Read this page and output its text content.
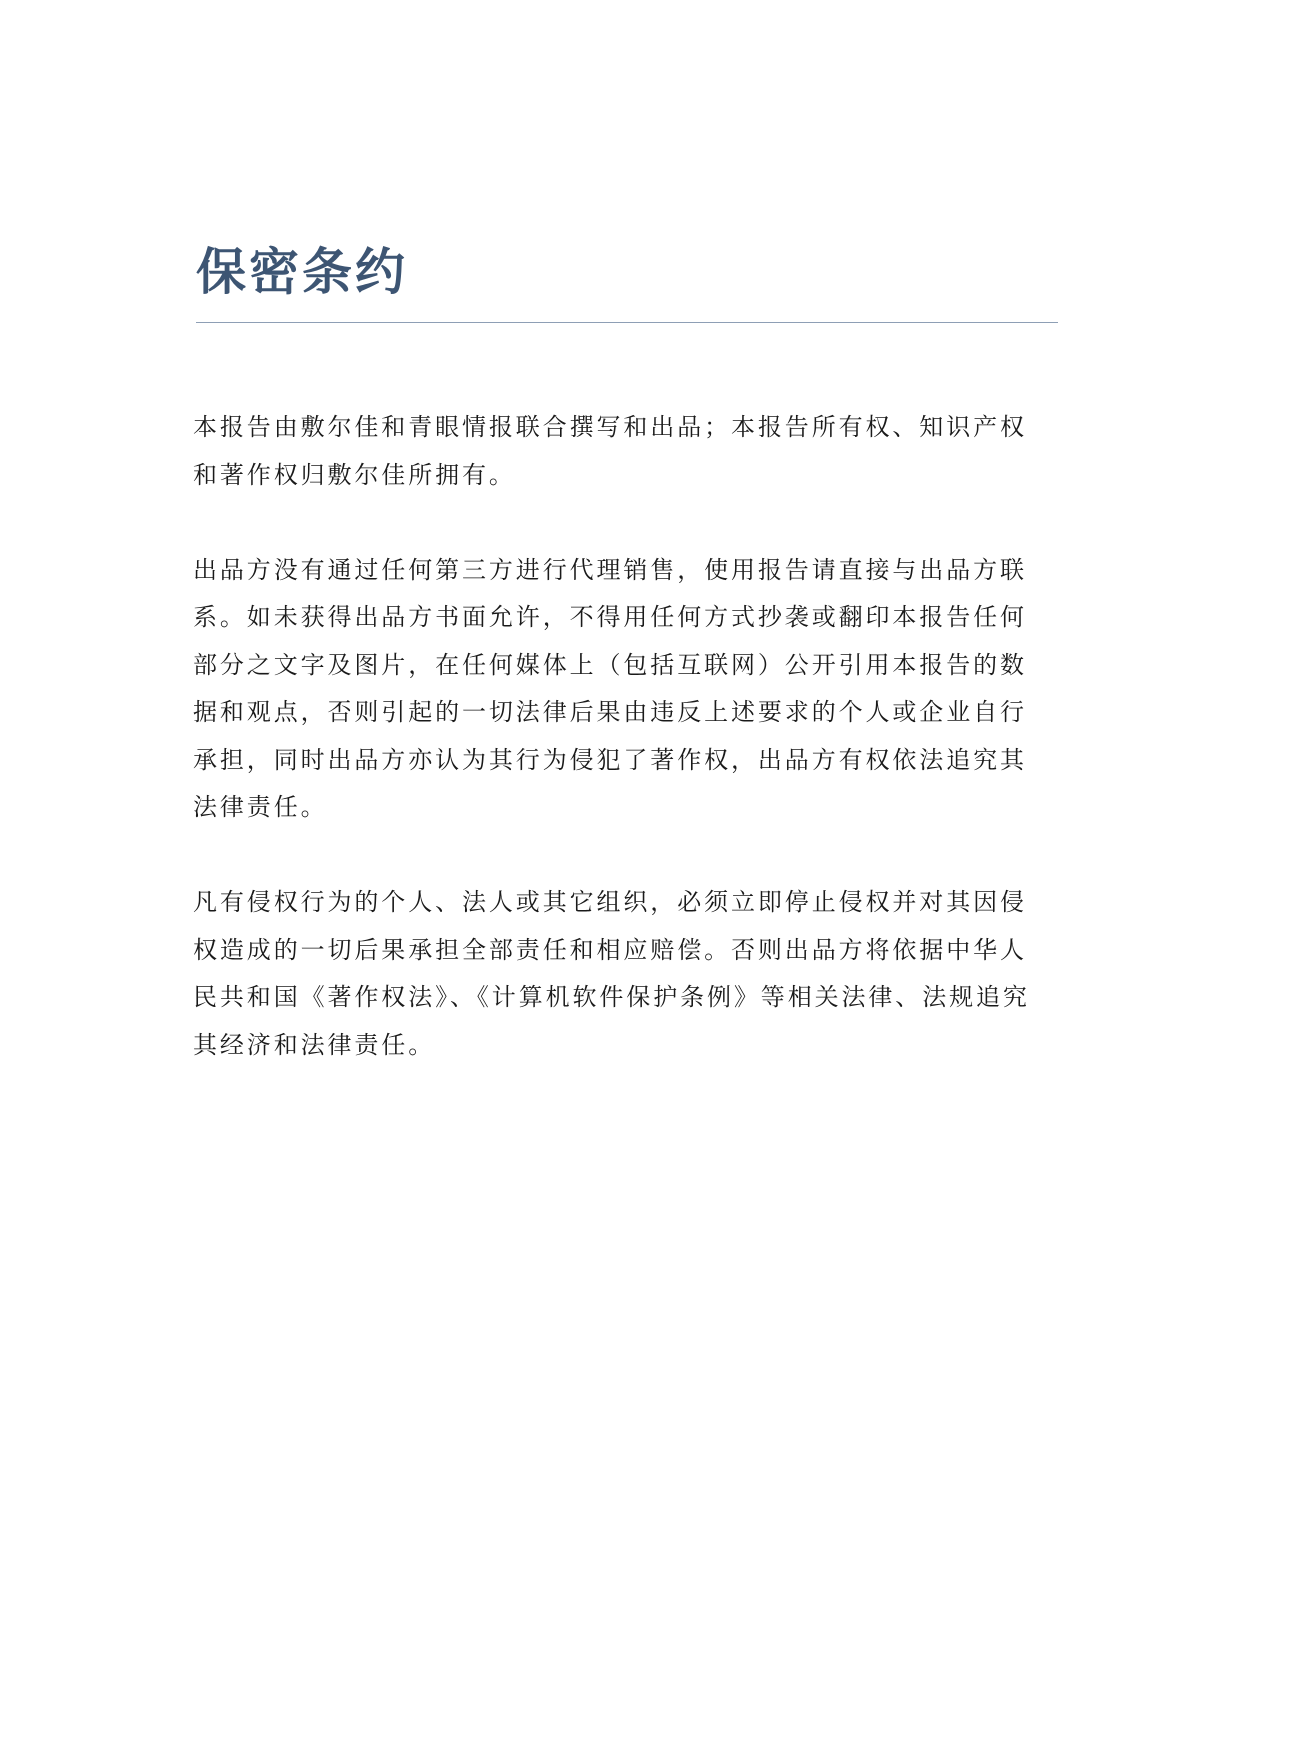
保密条约

本报告由敷尔佳和青眼情报联合撰写和出品；本报告所有权、知识产权和著作权归敷尔佳所拥有。

出品方没有通过任何第三方进行代理销售，使用报告请直接与出品方联系。如未获得出品方书面允许，不得用任何方式抄袭或翻印本报告任何部分之文字及图片，在任何媒体上（包括互联网）公开引用本报告的数据和观点，否则引起的一切法律后果由违反上述要求的个人或企业自行承担，同时出品方亦认为其行为侵犯了著作权，出品方有权依法追究其法律责任。

凡有侵权行为的个人、法人或其它组织，必须立即停止侵权并对其因侵权造成的一切后果承担全部责任和相应赔偿。否则出品方将依据中华人民共和国《著作权法》、《计算机软件保护条例》等相关法律、法规追究其经济和法律责任。
